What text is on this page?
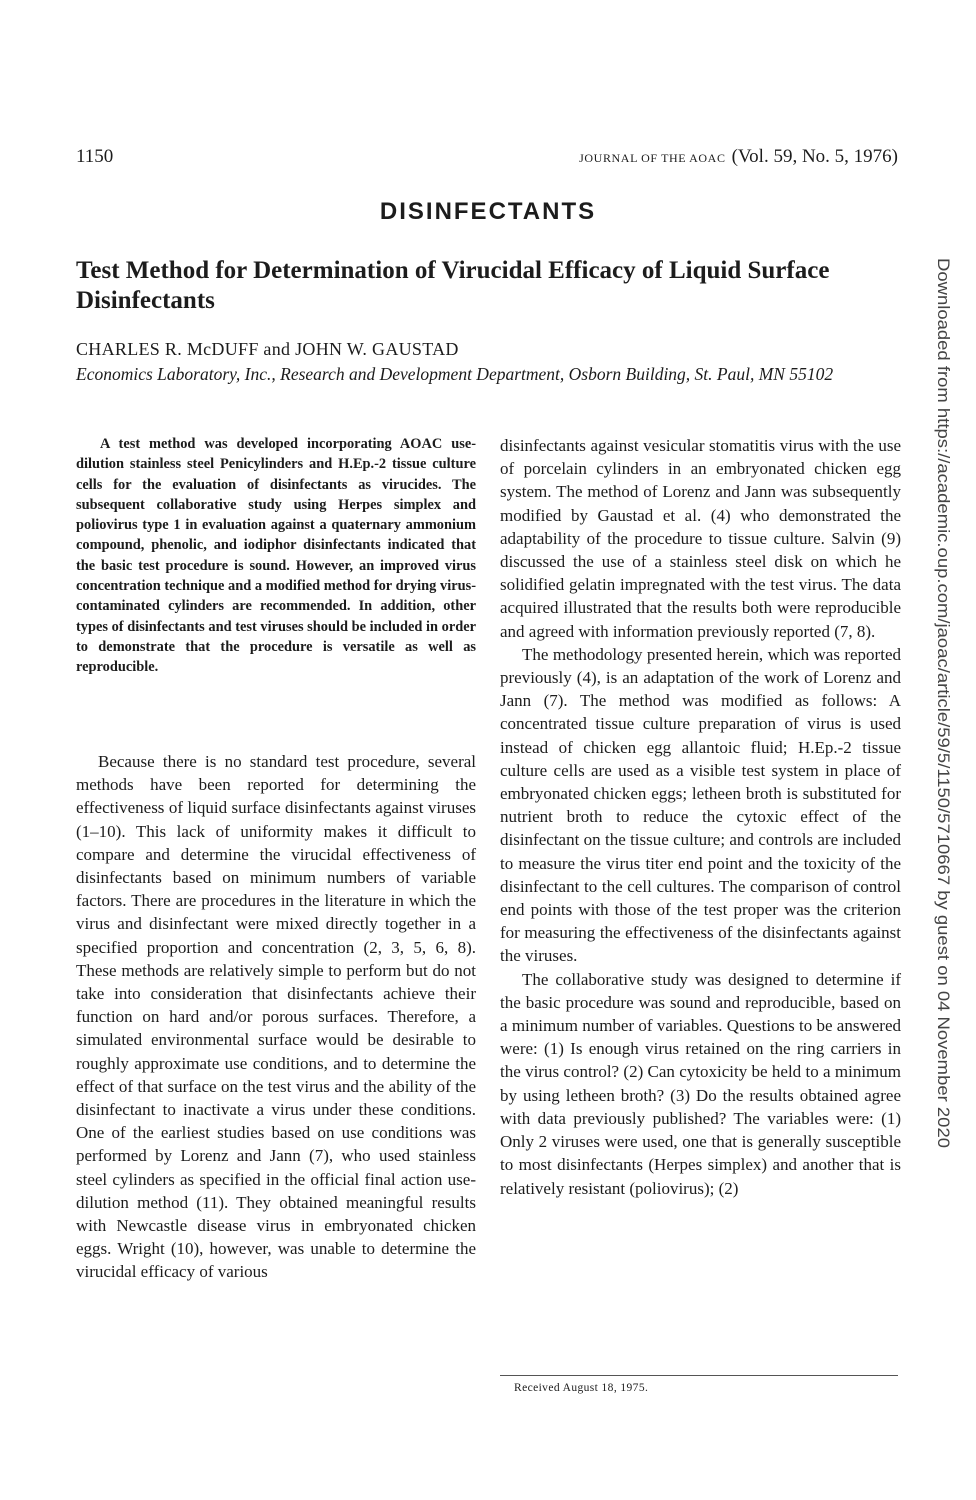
1150	JOURNAL OF THE AOAC (Vol. 59, No. 5, 1976)
DISINFECTANTS
Test Method for Determination of Virucidal Efficacy of Liquid Surface Disinfectants
CHARLES R. McDUFF and JOHN W. GAUSTAD
Economics Laboratory, Inc., Research and Development Department, Osborn Building, St. Paul, MN 55102
A test method was developed incorporating AOAC use-dilution stainless steel Penicylinders and H.Ep.-2 tissue culture cells for the evaluation of disinfectants as virucides. The subsequent collaborative study using Herpes simplex and poliovirus type 1 in evaluation against a quaternary ammonium compound, phenolic, and iodiphor disinfectants indicated that the basic test procedure is sound. However, an improved virus concentration technique and a modified method for drying virus-contaminated cylinders are recommended. In addition, other types of disinfectants and test viruses should be included in order to demonstrate that the procedure is versatile as well as reproducible.

Because there is no standard test procedure, several methods have been reported for determining the effectiveness of liquid surface disinfectants against viruses (1–10). This lack of uniformity makes it difficult to compare and determine the virucidal effectiveness of disinfectants based on minimum numbers of variable factors. There are procedures in the literature in which the virus and disinfectant were mixed directly together in a specified proportion and concentration (2, 3, 5, 6, 8). These methods are relatively simple to perform but do not take into consideration that disinfectants achieve their function on hard and/or porous surfaces. Therefore, a simulated environmental surface would be desirable to roughly approximate use conditions, and to determine the effect of that surface on the test virus and the ability of the disinfectant to inactivate a virus under these conditions. One of the earliest studies based on use conditions was performed by Lorenz and Jann (7), who used stainless steel cylinders as specified in the official final action use-dilution method (11). They obtained meaningful results with Newcastle disease virus in embryonated chicken eggs. Wright (10), however, was unable to determine the virucidal efficacy of various

disinfectants against vesicular stomatitis virus with the use of porcelain cylinders in an embryonated chicken egg system. The method of Lorenz and Jann was subsequently modified by Gaustad et al. (4) who demonstrated the adaptability of the procedure to tissue culture. Salvin (9) discussed the use of a stainless steel disk on which he solidified gelatin impregnated with the test virus. The data acquired illustrated that the results both were reproducible and agreed with information previously reported (7, 8).

The methodology presented herein, which was reported previously (4), is an adaptation of the work of Lorenz and Jann (7). The method was modified as follows: A concentrated tissue culture preparation of virus is used instead of chicken egg allantoic fluid; H.Ep.-2 tissue culture cells are used as a visible test system in place of embryonated chicken eggs; letheen broth is substituted for nutrient broth to reduce the cytoxic effect of the disinfectant on the tissue culture; and controls are included to measure the virus titer end point and the toxicity of the disinfectant to the cell cultures. The comparison of control end points with those of the test proper was the criterion for measuring the effectiveness of the disinfectants against the viruses.

The collaborative study was designed to determine if the basic procedure was sound and reproducible, based on a minimum number of variables. Questions to be answered were: (1) Is enough virus retained on the ring carriers in the virus control? (2) Can cytoxicity be held to a minimum by using letheen broth? (3) Do the results obtained agree with data previously published? The variables were: (1) Only 2 viruses were used, one that is generally susceptible to most disinfectants (Herpes simplex) and another that is relatively resistant (poliovirus); (2)

Received August 18, 1975.
Downloaded from https://academic.oup.com/jaoac/article/59/5/1150/5710667 by guest on 04 November 2020
